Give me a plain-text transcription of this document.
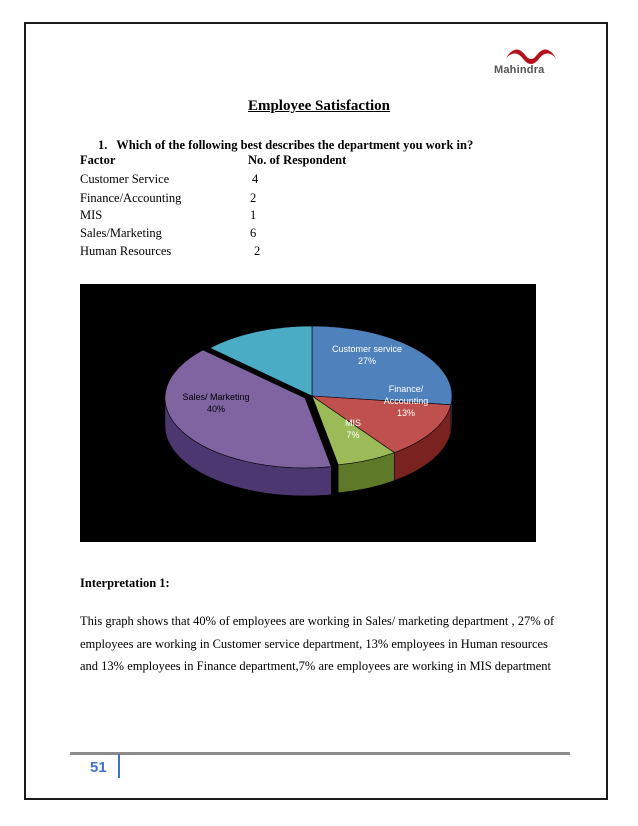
Mahindra
Employee Satisfaction
1. Which of the following best describes the department you work in?
Factor	No. of Respondent
Customer Service	4
Finance/Accounting	2
MIS	1
Sales/Marketing	6
Human Resources	2
Customer service 27%
Finance/ Accounting 13%
MIS 7%
Sales/ Marketing 40%
Human Resources 13%
Interpretation 1:
This graph shows that 40% of employees are working in Sales/ marketing department , 27% of employees are working in Customer service department, 13% employees in Human resources and 13% employees in Finance department,7% are employees are working in MIS department
51
